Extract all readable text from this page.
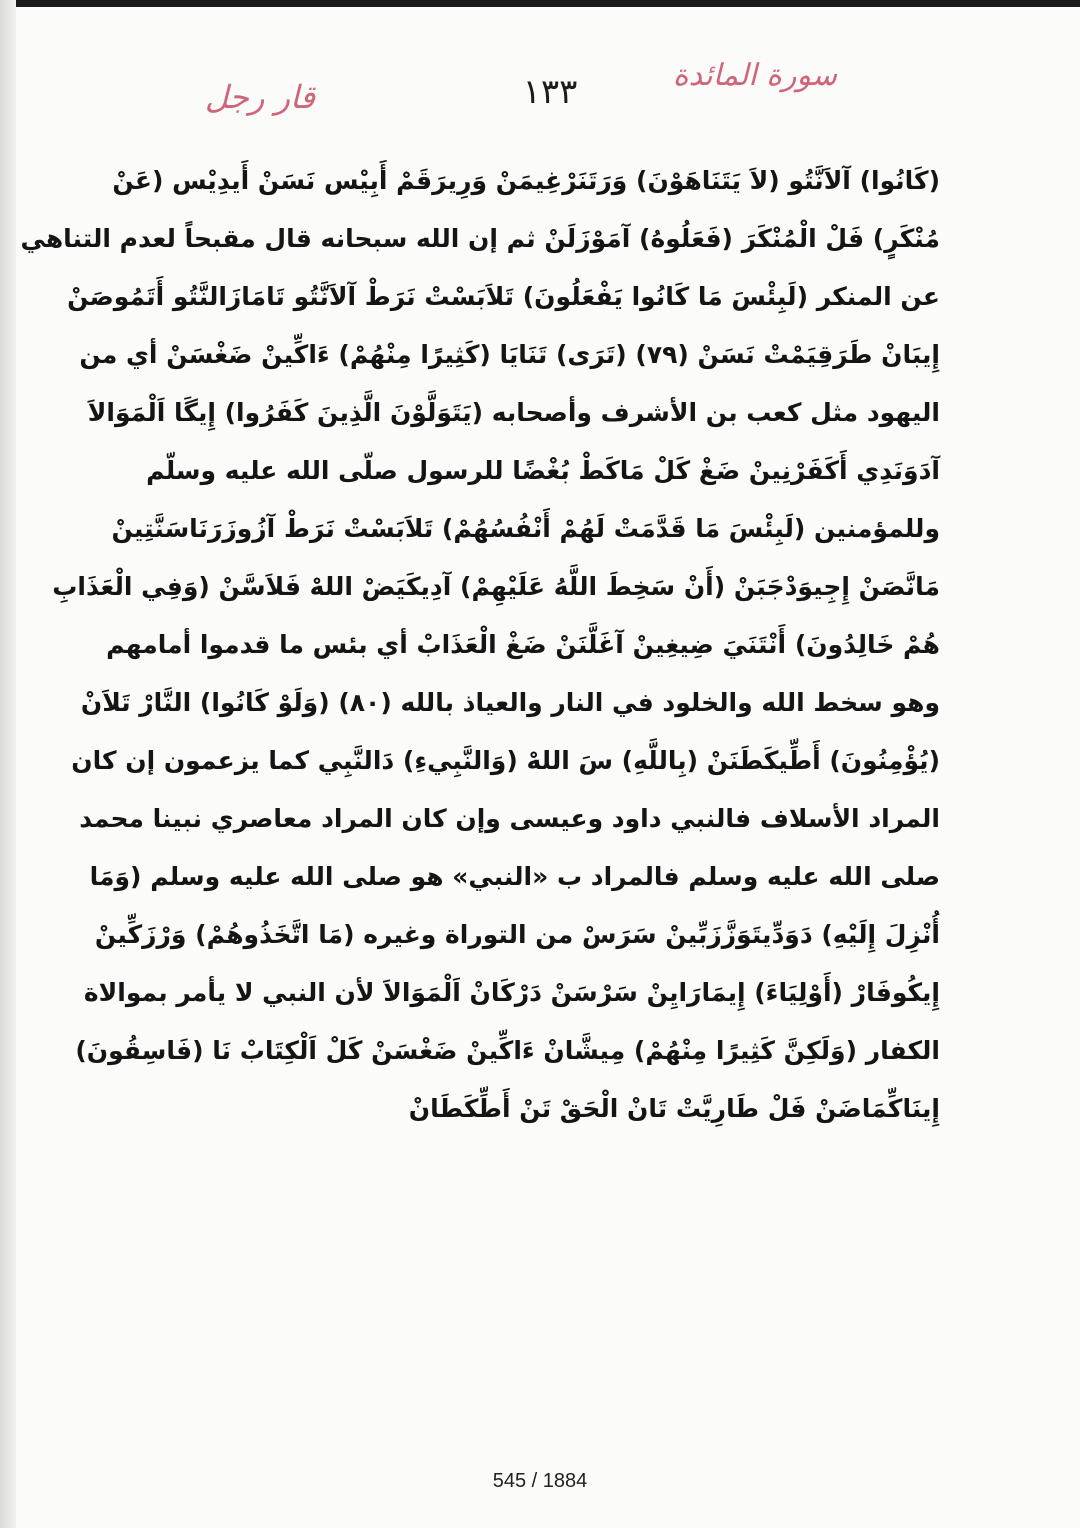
سورة المائدة
١٣٣
قار رجل
(كَانُوا) آلاَنَّتُو (لاَ يَتَنَاهَوْنَ) وَرَتَنَرْغِيمَنْ وَرِيرَقَمْ أَبِيْس نَسَنْ أَيدِيْس (عَنْ
مُنْكَرٍ) فَلْ الْمُنْكَرَ (فَعَلُوهُ) آمَوْزَلَنْ ثم إن الله سبحانه قال مقبحاً لعدم التناهي
عن المنكر (لَبِئْسَ مَا كَانُوا يَفْعَلُونَ) تَلاَبَسْتْ نَرَطْ آلاَنَّتُو تَامَازَالنَّتُو أَتَمُوصَنْ
إِيبَانْ طَرَقِيَمْتْ نَسَنْ (٧٩) (تَرَى) تَنَايَا (كَثِيرًا مِنْهُمْ) ءَاكِّينْ ضَغْسَنْ أي من
اليهود مثل كعب بن الأشرف وأصحابه (يَتَوَلَّوْنَ الَّذِينَ كَفَرُوا) إِيگَا اَلْمَوَالاَ
آدَوَنَدِي أَكَفَرْنِينْ ضَغْ كَلْ مَاكَطْ بُغْضًا للرسول صلّى الله عليه وسلّم
وللمؤمنين (لَبِئْسَ مَا قَدَّمَتْ لَهُمْ أَنْفُسُهُمْ) تَلاَبَسْتْ نَرَطْ آزُوزَرَنَاسَنَّتِينْ
مَانَّصَنْ إِجِيوَدْجَبَنْ (أَنْ سَخِطَ اللَّهُ عَلَيْهِمْ) آدِيكَيَضْ اللهْ فَلاَسَّنْ (وَفِي الْعَذَابِ
هُمْ خَالِدُونَ) أَنْتَنَيَ ضِيغِينْ آغَلَّنَنْ ضَغْ الْعَذَابْ أي بئس ما قدموا أمامهم
وهو سخط الله والخلود في النار والعياذ بالله (٨٠) (وَلَوْ كَانُوا) النَّارْ تَلاَنْ
(يُؤْمِنُونَ) أَطِّيكَطَنَنْ (بِاللَّهِ) سَ اللهْ (وَالنَّبِيءِ) دَالنَّبِي كما يزعمون إن كان
المراد الأسلاف فالنبي داود وعيسى وإن كان المراد معاصري نبينا محمد
صلى الله عليه وسلم فالمراد ب «النبي» هو صلى الله عليه وسلم (وَمَا
أُنْزِلَ إِلَيْهِ) دَوَدِّيتَوَزَّزَبِّينْ سَرَسْ من التوراة وغيره (مَا اتَّخَذُوهُمْ) وَرْزَكِّينْ
إِيكُوفَارْ (أَوْلِيَاءَ) إِيمَارَايِنْ سَرْسَنْ دَرْكَانْ اَلْمَوَالاَ لأن النبي لا يأمر بموالاة
الكفار (وَلَكِنَّ كَثِيرًا مِنْهُمْ) مِيشَّانْ ءَاكِّينْ ضَغْسَنْ كَلْ اَلْكِتَابْ نَا (فَاسِقُونَ)
إِينَاكِّمَاضَنْ فَلْ طَارِيَّتْ تَانْ الْحَقْ تَنْ أَطِّكَطَانْ
545 / 1884
